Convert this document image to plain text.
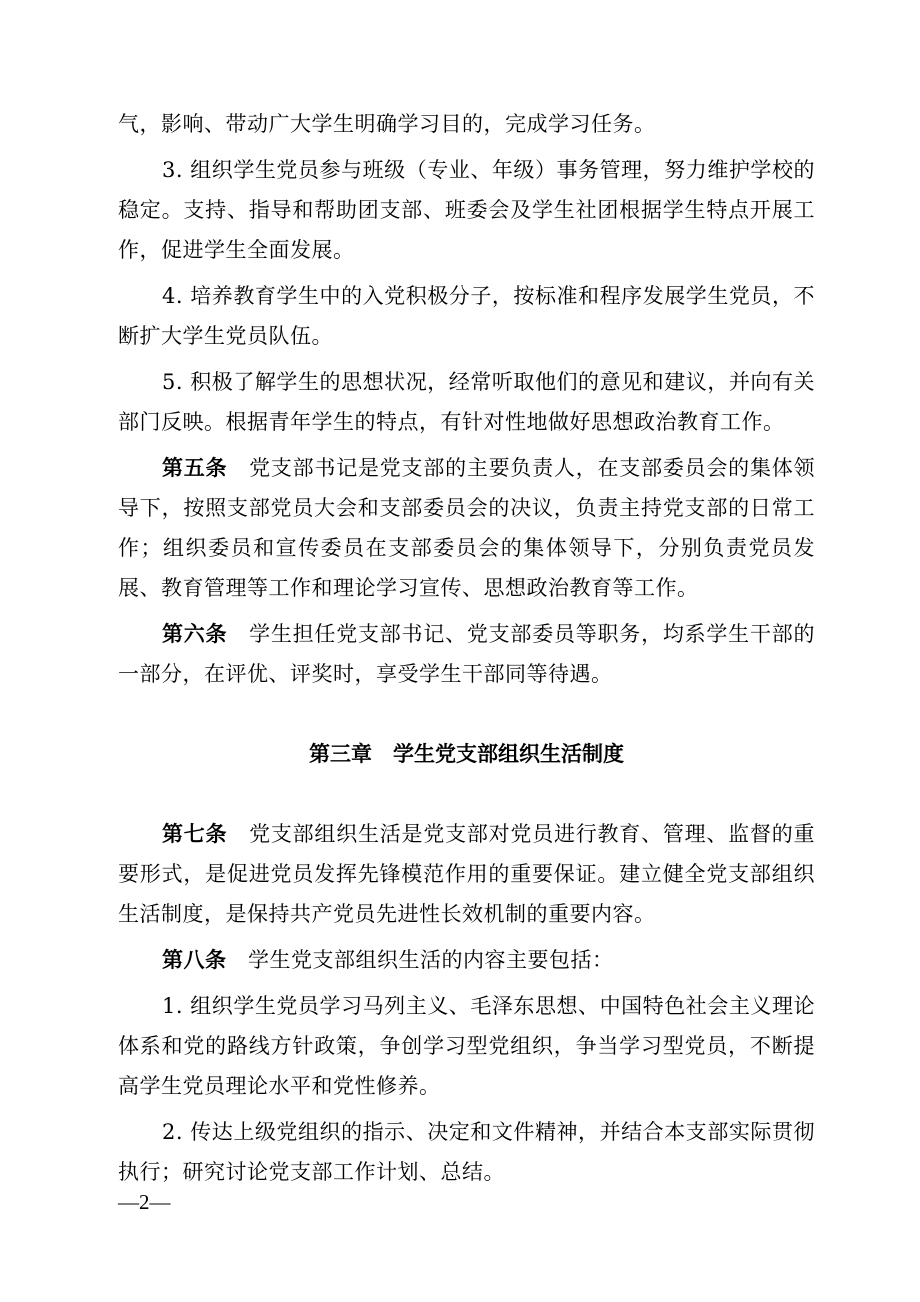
气，影响、带动广大学生明确学习目的，完成学习任务。

3. 组织学生党员参与班级（专业、年级）事务管理，努力维护学校的稳定。支持、指导和帮助团支部、班委会及学生社团根据学生特点开展工作，促进学生全面发展。

4. 培养教育学生中的入党积极分子，按标准和程序发展学生党员，不断扩大学生党员队伍。

5. 积极了解学生的思想状况，经常听取他们的意见和建议，并向有关部门反映。根据青年学生的特点，有针对性地做好思想政治教育工作。

第五条　 党支部书记是党支部的主要负责人，在支部委员会的集体领导下，按照支部党员大会和支部委员会的决议，负责主持党支部的日常工作；组织委员和宣传委员在支部委员会的集体领导下，分别负责党员发展、教育管理等工作和理论学习宣传、思想政治教育等工作。

第六条　 学生担任党支部书记、党支部委员等职务，均系学生干部的一部分，在评优、评奖时，享受学生干部同等待遇。

第三章　学生党支部组织生活制度

第七条　 党支部组织生活是党支部对党员进行教育、管理、监督的重要形式，是促进党员发挥先锋模范作用的重要保证。建立健全党支部组织生活制度，是保持共产党员先进性长效机制的重要内容。

第八条　 学生党支部组织生活的内容主要包括：

1. 组织学生党员学习马列主义、毛泽东思想、中国特色社会主义理论体系和党的路线方针政策，争创学习型党组织，争当学习型党员，不断提高学生党员理论水平和党性修养。

2. 传达上级党组织的指示、决定和文件精神，并结合本支部实际贯彻执行；研究讨论党支部工作计划、总结。

—2—
